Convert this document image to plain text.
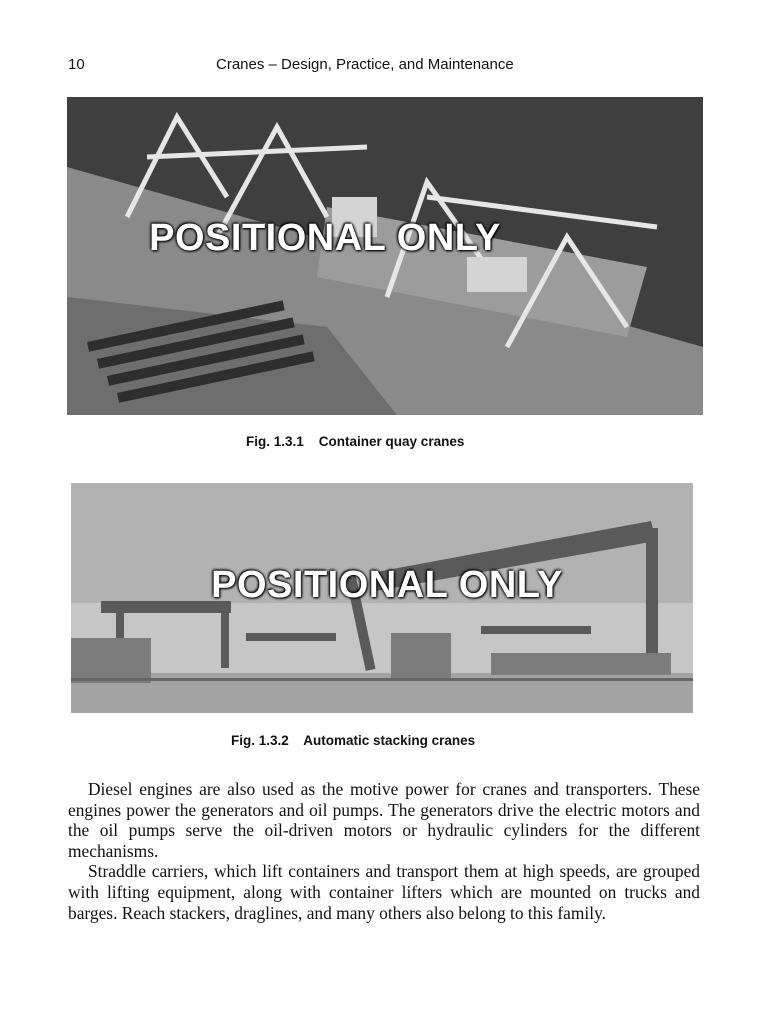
10	Cranes – Design, Practice, and Maintenance
POSITIONAL ONLY
Fig. 1.3.1 Container quay cranes
POSITIONAL ONLY
Fig. 1.3.2 Automatic stacking cranes

Diesel engines are also used as the motive power for cranes and transporters. These engines power the generators and oil pumps. The generators drive the electric motors and the oil pumps serve the oil-driven motors or hydraulic cylinders for the different mechanisms.

Straddle carriers, which lift containers and transport them at high speeds, are grouped with lifting equipment, along with container lifters which are mounted on trucks and barges. Reach stackers, draglines, and many others also belong to this family.
